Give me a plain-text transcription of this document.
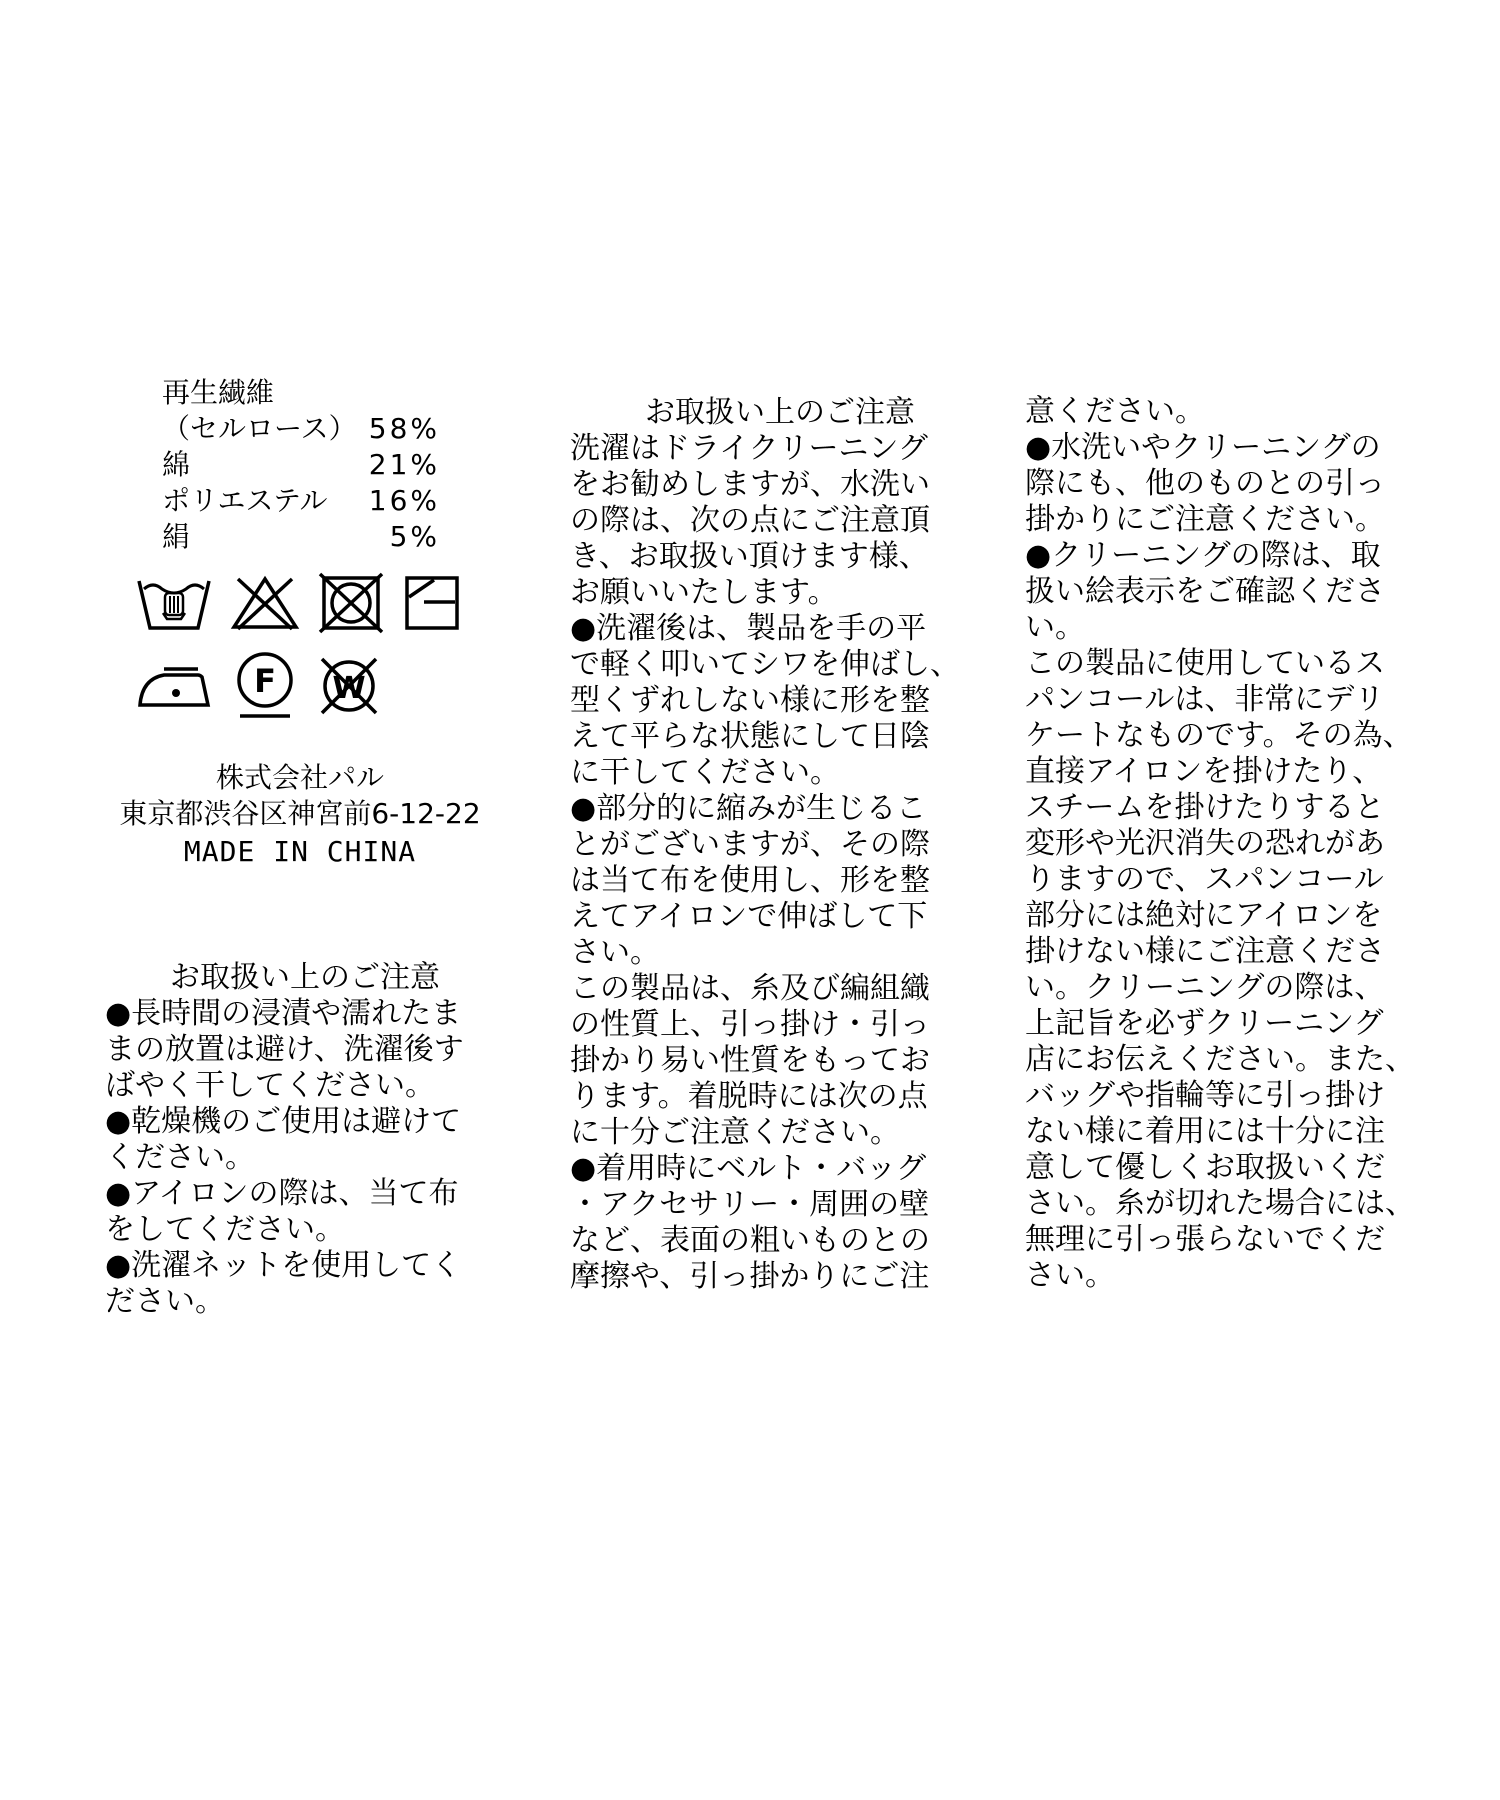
再生繊維
（セルロース） 58%
綿	21%
ポリエステル	16%
絹	5%
F W
株式会社パル
東京都渋谷区神宮前6-12-22
MADE IN CHINA
お取扱い上のご注意
●長時間の浸漬や濡れたま
まの放置は避け、洗濯後す
ばやく干してください。
●乾燥機のご使用は避けて
ください。
●アイロンの際は、当て布
をしてください。
●洗濯ネットを使用してく
ださい。
お取扱い上のご注意
洗濯はドライクリーニング
をお勧めしますが、水洗い
の際は、次の点にご注意頂
き、お取扱い頂けます様、
お願いいたします。
●洗濯後は、製品を手の平
で軽く叩いてシワを伸ばし、
型くずれしない様に形を整
えて平らな状態にして日陰
に干してください。
●部分的に縮みが生じるこ
とがございますが、その際
は当て布を使用し、形を整
えてアイロンで伸ばして下
さい。
この製品は、糸及び編組織
の性質上、引っ掛け・引っ
掛かり易い性質をもってお
ります。着脱時には次の点
に十分ご注意ください。
●着用時にベルト・バッグ
・アクセサリー・周囲の壁
など、表面の粗いものとの
摩擦や、引っ掛かりにご注
意ください。
●水洗いやクリーニングの
際にも、他のものとの引っ
掛かりにご注意ください。
●クリーニングの際は、取
扱い絵表示をご確認くださ
い。
この製品に使用しているス
パンコールは、非常にデリ
ケートなものです。その為、
直接アイロンを掛けたり、
スチームを掛けたりすると
変形や光沢消失の恐れがあ
りますので、スパンコール
部分には絶対にアイロンを
掛けない様にご注意くださ
い。クリーニングの際は、
上記旨を必ずクリーニング
店にお伝えください。また、
バッグや指輪等に引っ掛け
ない様に着用には十分に注
意して優しくお取扱いくだ
さい。糸が切れた場合には、
無理に引っ張らないでくだ
さい。
